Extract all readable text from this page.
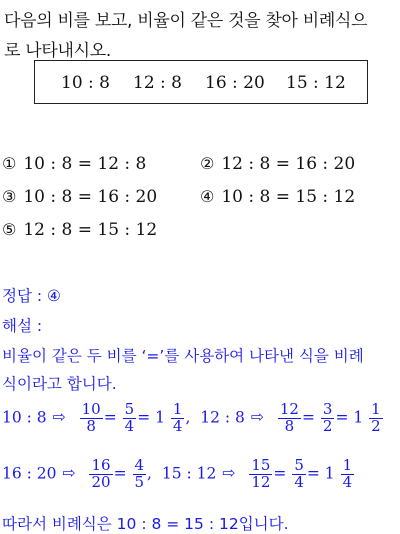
다음의 비를 보고, 비율이 같은 것을 찾아 비례식으
로 나타내시오.
10 : 8 12 : 8 16 : 20 15 : 12
① 10 : 8 = 12 : 8	② 12 : 8 = 16 : 20
③ 10 : 8 = 16 : 20	④ 10 : 8 = 15 : 12
⑤ 12 : 8 = 15 : 12
정답 : ④
해설 :
비율이 같은 두 비를 ‘=’를 사용하여 나타낸 식을 비례
식이라고 합니다.
10 : 8 ⇨ $\frac{10}{8} = \frac{5}{4} = 1 \frac{1}{4}$ , 12 : 8 ⇨ $\frac{12}{8} = \frac{3}{2} = 1 \frac{1}{2}$
16 : 20 ⇨ $\frac{16}{20} = \frac{4}{5}$ , 15 : 12 ⇨ $\frac{15}{12} = \frac{5}{4} = 1 \frac{1}{4}$
따라서 비례식은 10 : 8 = 15 : 12입니다.
